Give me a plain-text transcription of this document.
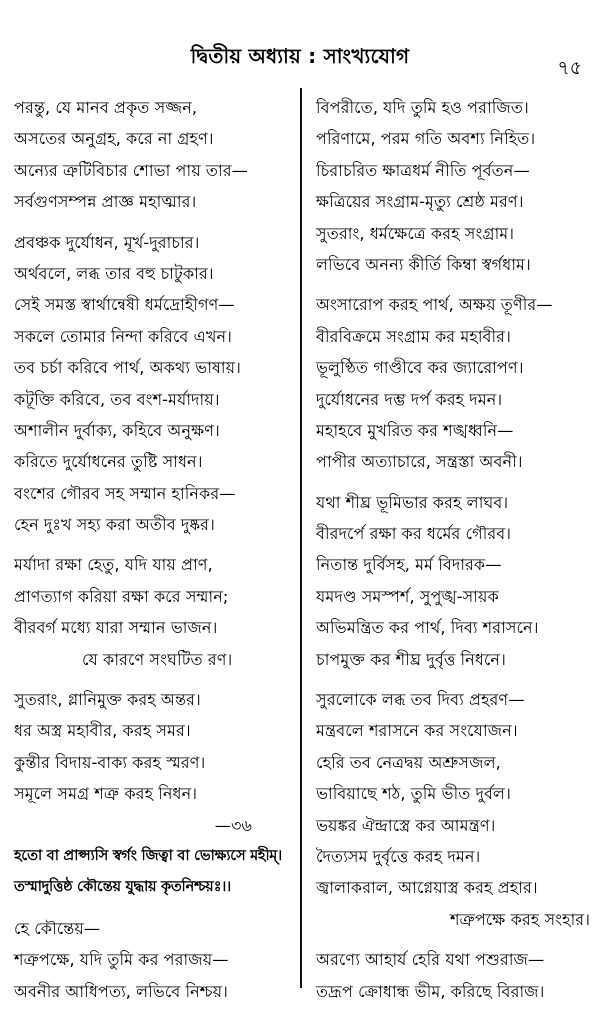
দ্বিতীয় অধ্যায় : সাংখ্যযোগ	৭৫
পরন্তু, যে মানব প্রকৃত সজ্জন,
অসতের অনুগ্রহ, করে না গ্রহণ।
অন্যের ত্রুটিবিচার শোভা পায় তার—
সর্বগুণসম্পন্ন প্রাজ্ঞ মহাত্মার।
প্রবঞ্চক দুর্যোধন, মূর্খ-দুরাচার।
অর্থবলে, লব্ধ তার বহু চাটুকার।
সেই সমস্ত স্বার্থান্বেষী ধর্মদ্রোহীগণ—
সকলে তোমার নিন্দা করিবে এখন।
তব চর্চা করিবে পার্থ, অকথ্য ভাষায়।
কটূক্তি করিবে, তব বংশ-মর্যাদায়।
অশালীন দুর্বাক্য, কহিবে অনুক্ষণ।
করিতে দুর্যোধনের তুষ্টি সাধন।
বংশের গৌরব সহ সম্মান হানিকর—
হেন দুঃখ সহ্য করা অতীব দুষ্কর।
মর্যাদা রক্ষা হেতু, যদি যায় প্রাণ,
প্রাণত্যাগ করিয়া রক্ষা করে সম্মান;
বীরবর্গ মধ্যে যারা সম্মান ভাজন।
যে কারণে সংঘটিত রণ।
সুতরাং, গ্লানিমুক্ত করহ অন্তর।
ধর অস্ত্র মহাবীর, করহ সমর।
কুন্তীর বিদায়-বাক্য করহ স্মরণ।
সমূলে সমগ্র শত্রু করহ নিধন।
—৩৬
হতো বা প্রাপ্স্যসি স্বর্গং জিত্বা বা ভোক্ষ্যসে মহীম্।
তস্মাদুত্তিষ্ঠ কৌন্তেয় যুদ্ধায় কৃতনিশ্চয়ঃ।।
হে কৌন্তেয়—
শত্রুপক্ষে, যদি তুমি কর পরাজয়—
অবনীর আধিপত্য, লভিবে নিশ্চয়।
বিপরীতে, যদি তুমি হও পরাজিত।
পরিণামে, পরম গতি অবশ্য নিহিত।
চিরাচরিত ক্ষাত্রধর্ম নীতি পূর্বতন—
ক্ষত্রিয়ের সংগ্রাম-মৃত্যু শ্রেষ্ঠ মরণ।
সুতরাং, ধর্মক্ষেত্রে করহ সংগ্রাম।
লভিবে অনন্য কীর্তি কিম্বা স্বর্গধাম।
অংসারোপ করহ পার্থ, অক্ষয় তূণীর—
বীরবিক্রমে সংগ্রাম কর মহাবীর।
ভূলুণ্ঠিত গাণ্ডীবে কর জ্যারোপণ।
দুর্যোধনের দম্ভ দর্প করহ দমন।
মহাহবে মুখরিত কর শঙ্খধ্বনি—
পাপীর অত্যাচারে, সন্ত্রস্তা অবনী।
যথা শীঘ্র ভূমিভার করহ লাঘব।
বীরদর্পে রক্ষা কর ধর্মের গৌরব।
নিতান্ত দুর্বিসহ, মর্ম বিদারক—
যমদণ্ড সমস্পর্শ, সুপুঙ্খ-সায়ক
অভিমন্ত্রিত কর পার্থ, দিব্য শরাসনে।
চাপমুক্ত কর শীঘ্র দুর্বৃত্ত নিধনে।
সুরলোকে লব্ধ তব দিব্য প্রহরণ—
মন্ত্রবলে শরাসনে কর সংযোজন।
হেরি তব নেত্রদ্বয় অশ্রুসজল,
ভাবিয়াছে শঠ, তুমি ভীত দুর্বল।
ভয়ঙ্কর ঐন্দ্রাস্ত্রে কর আমন্ত্রণ।
দৈত্যসম দুর্বৃত্তে করহ দমন।
জ্বালাকরাল, আগ্নেয়াস্ত্র করহ প্রহার।
শত্রুপক্ষে করহ সংহার।
অরণ্যে আহার্য হেরি যথা পশুরাজ—
তদ্রূপ ক্রোধান্ধ ভীম, করিছে বিরাজ।
